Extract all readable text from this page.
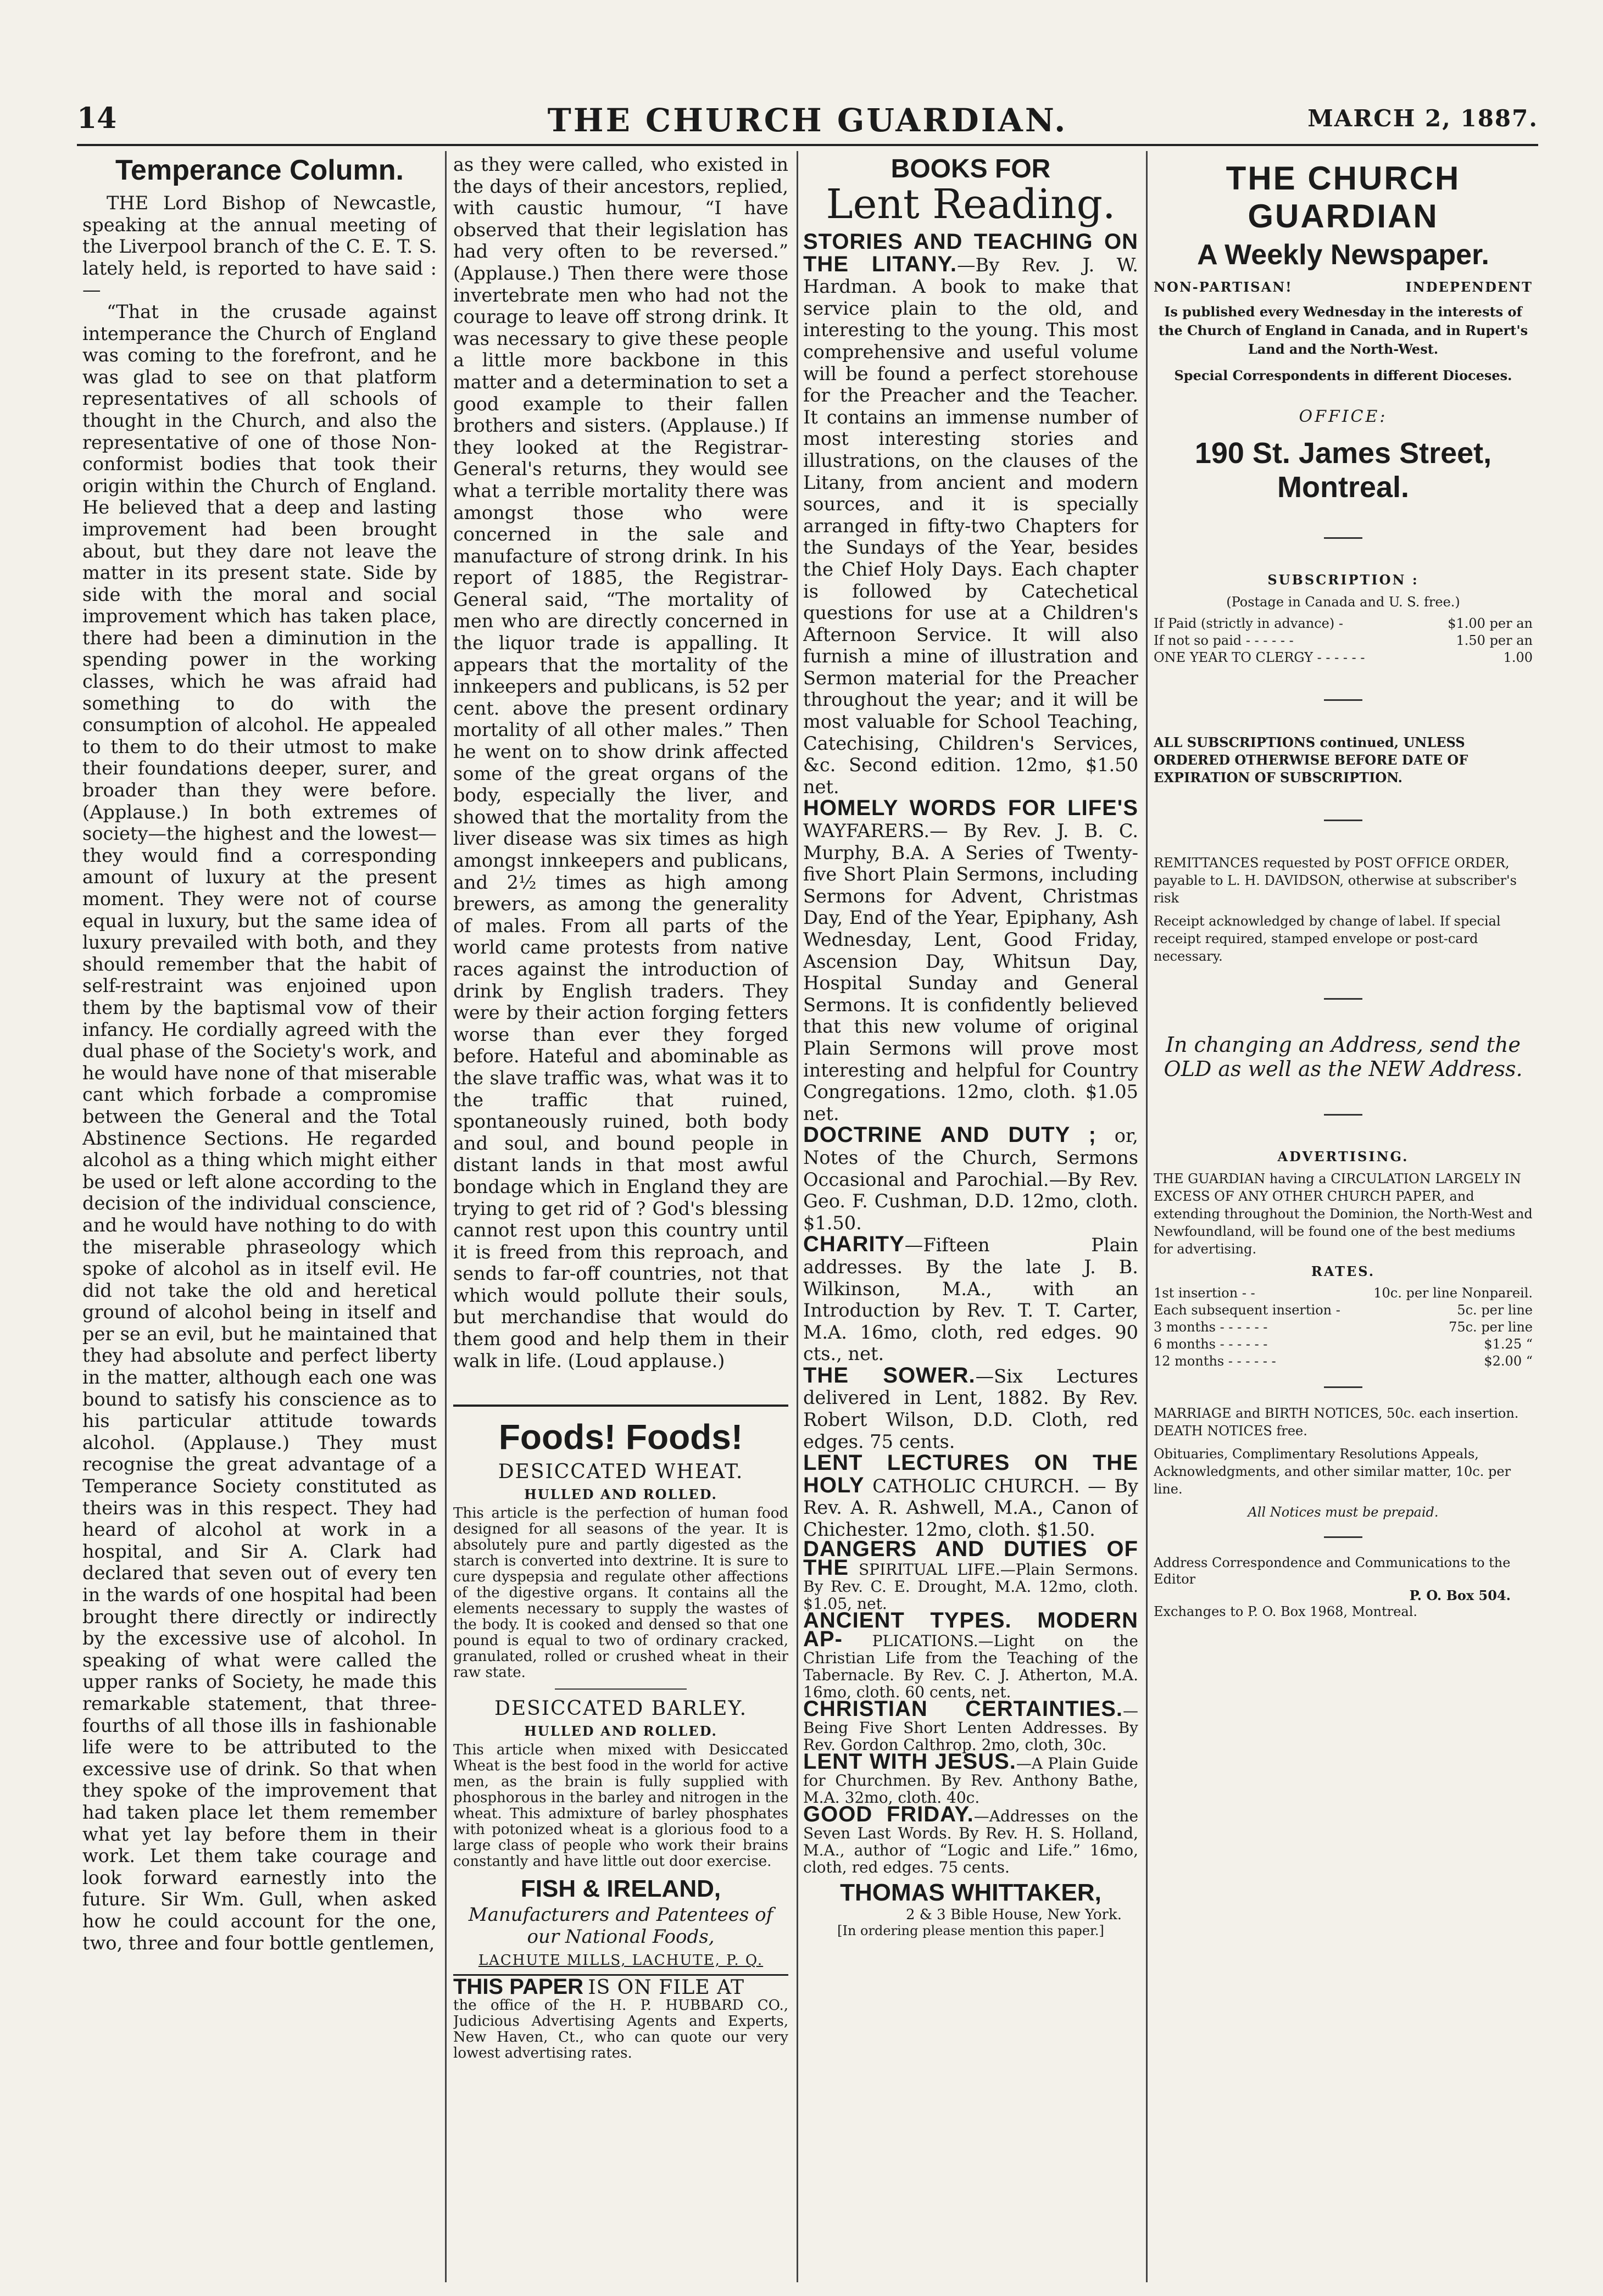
14	THE CHURCH GUARDIAN.	MARCH 2, 1887.
Temperance Column.

THE Lord Bishop of Newcastle, speaking at the annual meeting of the Liverpool branch of the C. E. T. S. lately held, is reported to have said :—

“That in the crusade against intemperance the Church of England was coming to the forefront, and he was glad to see on that platform representatives of all schools of thought in the Church, and also the representative of one of those Non-conformist bodies that took their origin within the Church of England. He believed that a deep and lasting improvement had been brought about, but they dare not leave the matter in its present state. Side by side with the moral and social improvement which has taken place, there had been a diminution in the spending power in the working classes, which he was afraid had something to do with the consumption of alcohol. He appealed to them to do their utmost to make their foundations deeper, surer, and broader than they were before. (Applause.) In both extremes of society—the highest and the lowest—they would find a corresponding amount of luxury at the present moment. They were not of course equal in luxury, but the same idea of luxury prevailed with both, and they should remember that the habit of self-restraint was enjoined upon them by the baptismal vow of their infancy. He cordially agreed with the dual phase of the Society's work, and he would have none of that miserable cant which forbade a compromise between the General and the Total Abstinence Sections. He regarded alcohol as a thing which might either be used or left alone according to the decision of the individual conscience, and he would have nothing to do with the miserable phraseology which spoke of alcohol as in itself evil. He did not take the old and heretical ground of alcohol being in itself and per se an evil, but he maintained that they had absolute and perfect liberty in the matter, although each one was bound to satisfy his conscience as to his particular attitude towards alcohol. (Applause.) They must recognise the great advantage of a Temperance Society constituted as theirs was in this respect. They had heard of alcohol at work in a hospital, and Sir A. Clark had declared that seven out of every ten in the wards of one hospital had been brought there directly or indirectly by the excessive use of alcohol. In speaking of what were called the upper ranks of Society, he made this remarkable statement, that three-fourths of all those ills in fashionable life were to be attributed to the excessive use of drink. So that when they spoke of the improvement that had taken place let them remember what yet lay before them in their work. Let them take courage and look forward earnestly into the future. Sir Wm. Gull, when asked how he could account for the one, two, three and four bottle gentlemen,

as they were called, who existed in the days of their ancestors, replied, with caustic humour, “I have observed that their legislation has had very often to be reversed.” (Applause.) Then there were those invertebrate men who had not the courage to leave off strong drink. It was necessary to give these people a little more backbone in this matter and a determination to set a good example to their fallen brothers and sisters. (Applause.) If they looked at the Registrar-General's returns, they would see what a terrible mortality there was amongst those who were concerned in the sale and manufacture of strong drink. In his report of 1885, the Registrar-General said, “The mortality of men who are directly concerned in the liquor trade is appalling. It appears that the mortality of the innkeepers and publicans, is 52 per cent. above the present ordinary mortality of all other males.” Then he went on to show drink affected some of the great organs of the body, especially the liver, and showed that the mortality from the liver disease was six times as high amongst innkeepers and publicans, and 2½ times as high among brewers, as among the generality of males. From all parts of the world came protests from native races against the introduction of drink by English traders. They were by their action forging fetters worse than ever they forged before. Hateful and abominable as the slave traffic was, what was it to the traffic that ruined, spontaneously ruined, both body and soul, and bound people in distant lands in that most awful bondage which in England they are trying to get rid of ? God's blessing cannot rest upon this country until it is freed from this reproach, and sends to far-off countries, not that which would pollute their souls, but merchandise that would do them good and help them in their walk in life. (Loud applause.)

Foods! Foods!
DESICCATED WHEAT.
HULLED AND ROLLED.

This article is the perfection of human food designed for all seasons of the year. It is absolutely pure and partly digested as the starch is converted into dextrine. It is sure to cure dyspepsia and regulate other affections of the digestive organs. It contains all the elements necessary to supply the wastes of the body. It is cooked and densed so that one pound is equal to two of ordinary cracked, granulated, rolled or crushed wheat in their raw state.

DESICCATED BARLEY.
HULLED AND ROLLED.

This article when mixed with Desiccated Wheat is the best food in the world for active men, as the brain is fully supplied with phosphorous in the barley and nitrogen in the wheat. This admixture of barley phosphates with potonized wheat is a glorious food to a large class of people who work their brains constantly and have little out door exercise.

FISH & IRELAND,
Manufacturers and Patentees of our National Foods,
LACHUTE MILLS, LACHUTE, P. Q.
THIS PAPER IS ON FILE AT
the office of the H. P. HUBBARD CO., Judicious Advertising Agents and Experts, New Haven, Ct., who can quote our very lowest advertising rates.
BOOKS FOR
Lent Reading.

STORIES AND TEACHING ON THE LITANY.—By Rev. J. W. Hardman. A book to make that service plain to the old, and interesting to the young. This most comprehensive and useful volume will be found a perfect storehouse for the Preacher and the Teacher. It contains an immense number of most interesting stories and illustrations, on the clauses of the Litany, from ancient and modern sources, and it is specially arranged in fifty-two Chapters for the Sundays of the Year, besides the Chief Holy Days. Each chapter is followed by Catechetical questions for use at a Children's Afternoon Service. It will also furnish a mine of illustration and Sermon material for the Preacher throughout the year; and it will be most valuable for School Teaching, Catechising, Children's Services, &c. Second edition. 12mo, $1.50 net.

HOMELY WORDS FOR LIFE'S WAYFARERS.— By Rev. J. B. C. Murphy, B.A. A Series of Twenty-five Short Plain Sermons, including Sermons for Advent, Christmas Day, End of the Year, Epiphany, Ash Wednesday, Lent, Good Friday, Ascension Day, Whitsun Day, Hospital Sunday and General Sermons. It is confidently believed that this new volume of original Plain Sermons will prove most interesting and helpful for Country Congregations. 12mo, cloth. $1.05 net.

DOCTRINE AND DUTY ; or, Notes of the Church, Sermons Occasional and Parochial.—By Rev. Geo. F. Cushman, D.D. 12mo, cloth. $1.50.

CHARITY—Fifteen Plain addresses. By the late J. B. Wilkinson, M.A., with an Introduction by Rev. T. T. Carter, M.A. 16mo, cloth, red edges. 90 cts., net.

THE SOWER.—Six Lectures delivered in Lent, 1882. By Rev. Robert Wilson, D.D. Cloth, red edges. 75 cents.

LENT LECTURES ON THE HOLY CATHOLIC CHURCH. — By Rev. A. R. Ashwell, M.A., Canon of Chichester. 12mo, cloth. $1.50.

DANGERS AND DUTIES OF THE SPIRITUAL LIFE.—Plain Sermons. By Rev. C. E. Drought, M.A. 12mo, cloth. $1.05, net.

ANCIENT TYPES. MODERN AP- PLICATIONS.—Light on the Christian Life from the Teaching of the Tabernacle. By Rev. C. J. Atherton, M.A. 16mo, cloth. 60 cents, net.

CHRISTIAN CERTAINTIES.—Being Five Short Lenten Addresses. By Rev. Gordon Calthrop. 2mo, cloth, 30c.

LENT WITH JESUS.—A Plain Guide for Churchmen. By Rev. Anthony Bathe, M.A. 32mo, cloth. 40c.

GOOD FRIDAY.—Addresses on the Seven Last Words. By Rev. H. S. Holland, M.A., author of “Logic and Life.” 16mo, cloth, red edges. 75 cents.

THOMAS WHITTAKER,
2 & 3 Bible House, New York.
[In ordering please mention this paper.]
THE CHURCH GUARDIAN
A Weekly Newspaper.
NON-PARTISAN!	INDEPENDENT
Is published every Wednesday in the interests of the Church of England in Canada, and in Rupert's Land and the North-West.
Special Correspondents in different Dioceses.
OFFICE:
190 St. James Street, Montreal.
SUBSCRIPTION :
(Postage in Canada and U. S. free.)
If Paid (strictly in advance) -	$1.00 per an
If not so paid - - - - - -	1.50 per an
ONE YEAR TO CLERGY - - - - - -	1.00
ALL SUBSCRIPTIONS continued, UNLESS ORDERED OTHERWISE BEFORE DATE OF EXPIRATION OF SUBSCRIPTION.
REMITTANCES requested by POST OFFICE ORDER, payable to L. H. DAVIDSON, otherwise at subscriber's risk
Receipt acknowledged by change of label. If special receipt required, stamped envelope or post-card necessary.
In changing an Address, send the OLD as well as the NEW Address.
ADVERTISING.
THE GUARDIAN having a CIRCULATION LARGELY IN EXCESS OF ANY OTHER CHURCH PAPER, and extending throughout the Dominion, the North-West and Newfoundland, will be found one of the best mediums for advertising.
RATES.
1st insertion - -	10c. per line Nonpareil.
Each subsequent insertion -	5c. per line
3 months - - - - - -	75c. per line
6 months - - - - - -	$1.25 “
12 months - - - - - -	$2.00 “
MARRIAGE and BIRTH NOTICES, 50c. each insertion. DEATH NOTICES free.
Obituaries, Complimentary Resolutions Appeals, Acknowledgments, and other similar matter, 10c. per line.
All Notices must be prepaid.
Address Correspondence and Communications to the Editor
P. O. Box 504.
Exchanges to P. O. Box 1968, Montreal.
